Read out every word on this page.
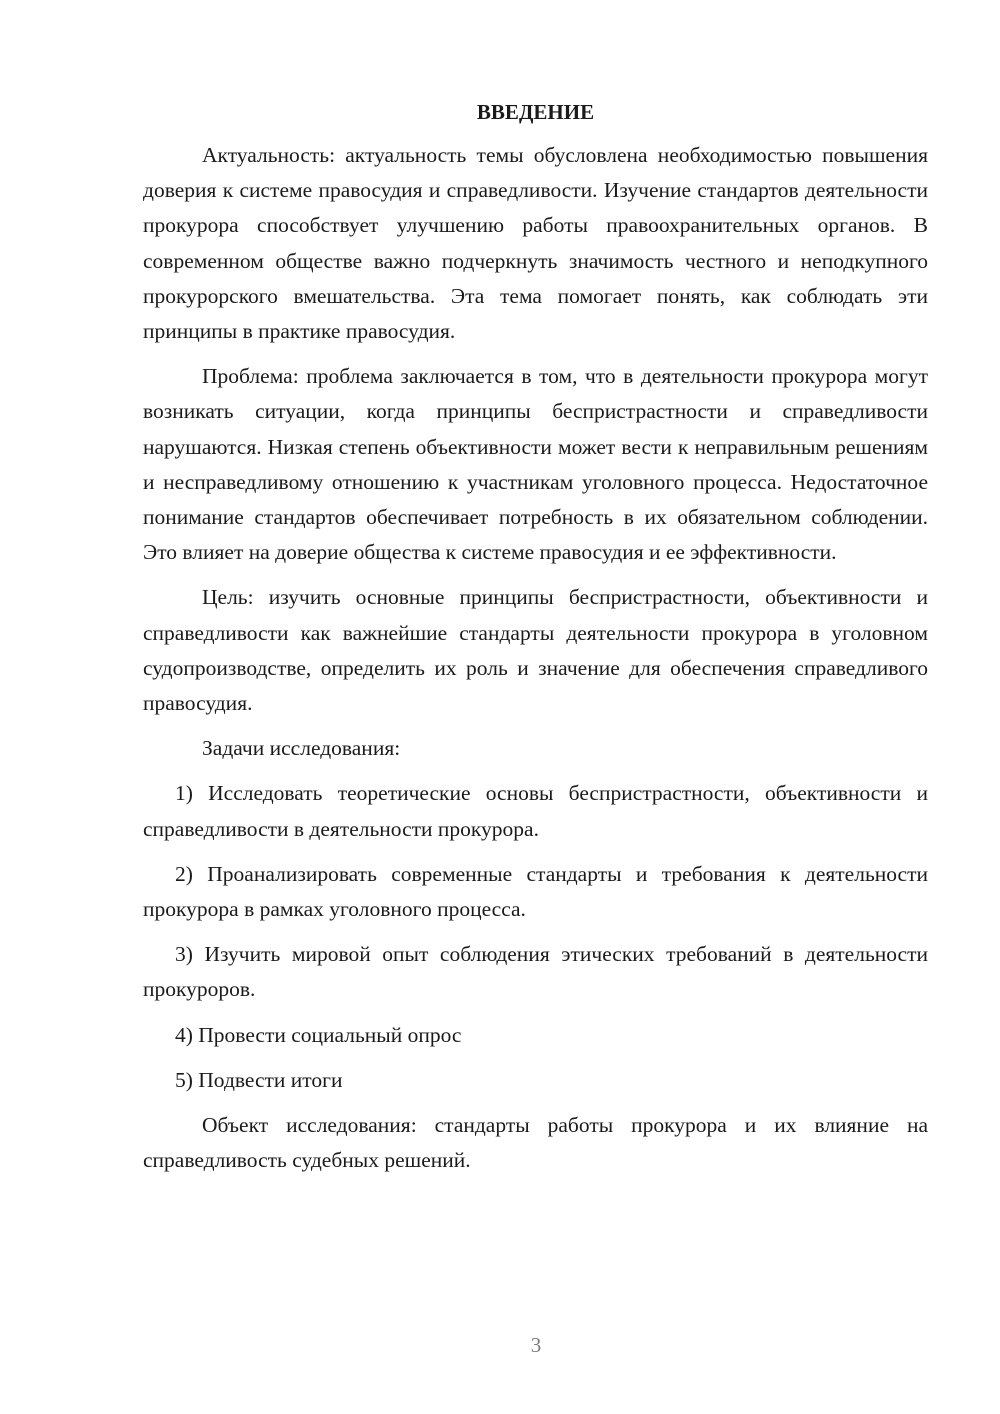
ВВЕДЕНИЕ

Актуальность: актуальность темы обусловлена необходимостью повышения доверия к системе правосудия и справедливости. Изучение стандартов деятельности прокурора способствует улучшению работы правоохранительных органов. В современном обществе важно подчеркнуть значимость честного и неподкупного прокурорского вмешательства. Эта тема помогает понять, как соблюдать эти принципы в практике правосудия.

Проблема: проблема заключается в том, что в деятельности прокурора могут возникать ситуации, когда принципы беспристрастности и справедливости нарушаются. Низкая степень объективности может вести к неправильным решениям и несправедливому отношению к участникам уголовного процесса. Недостаточное понимание стандартов обеспечивает потребность в их обязательном соблюдении. Это влияет на доверие общества к системе правосудия и ее эффективности.

Цель: изучить основные принципы беспристрастности, объективности и справедливости как важнейшие стандарты деятельности прокурора в уголовном судопроизводстве, определить их роль и значение для обеспечения справедливого правосудия.

Задачи исследования:

1) Исследовать теоретические основы беспристрастности, объективности и справедливости в деятельности прокурора.

2) Проанализировать современные стандарты и требования к деятельности прокурора в рамках уголовного процесса.

3) Изучить мировой опыт соблюдения этических требований в деятельности прокуроров.

4) Провести социальный опрос

5) Подвести итоги

Объект исследования: стандарты работы прокурора и их влияние на справедливость судебных решений.

3
